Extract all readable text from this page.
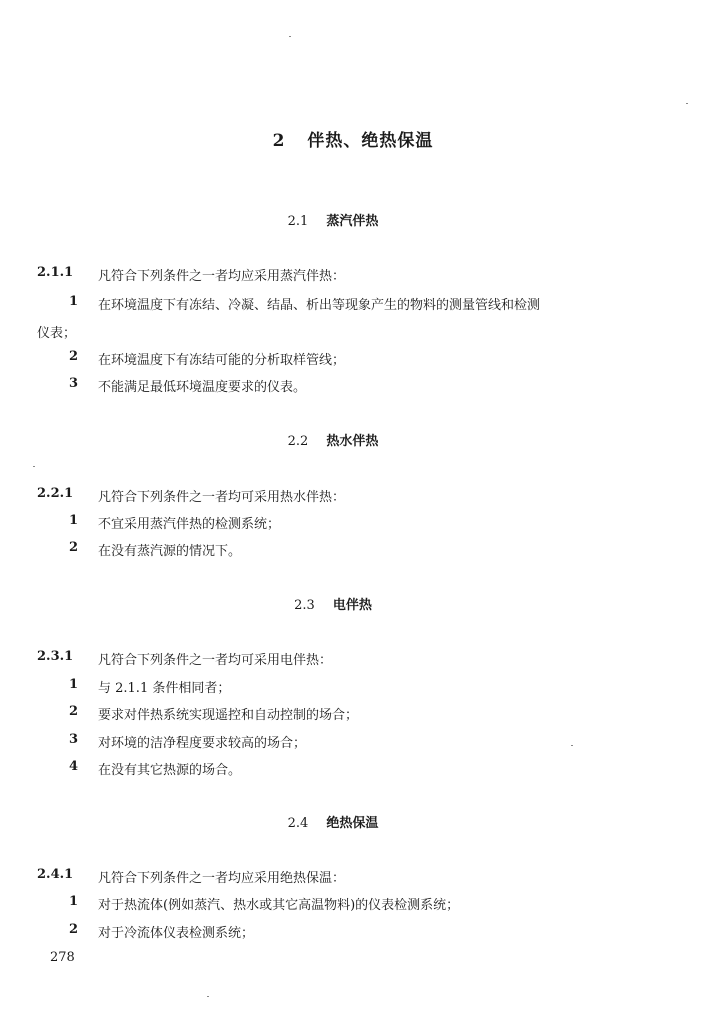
2 伴热、绝热保温
2.1 蒸汽伴热
2.1.1 凡符合下列条件之一者均应采用蒸汽伴热：
1 在环境温度下有冻结、冷凝、结晶、析出等现象产生的物料的测量管线和检测
仪表；
2 在环境温度下有冻结可能的分析取样管线；
3 不能满足最低环境温度要求的仪表。
2.2 热水伴热
2.2.1 凡符合下列条件之一者均可采用热水伴热：
1 不宜采用蒸汽伴热的检测系统；
2 在没有蒸汽源的情况下。
2.3 电伴热
2.3.1 凡符合下列条件之一者均可采用电伴热：
1 与 2.1.1 条件相同者；
2 要求对伴热系统实现遥控和自动控制的场合；
3 对环境的洁净程度要求较高的场合；
4 在没有其它热源的场合。
2.4 绝热保温
2.4.1 凡符合下列条件之一者均应采用绝热保温：
1 对于热流体(例如蒸汽、热水或其它高温物料)的仪表检测系统；
2 对于冷流体仪表检测系统；
278
